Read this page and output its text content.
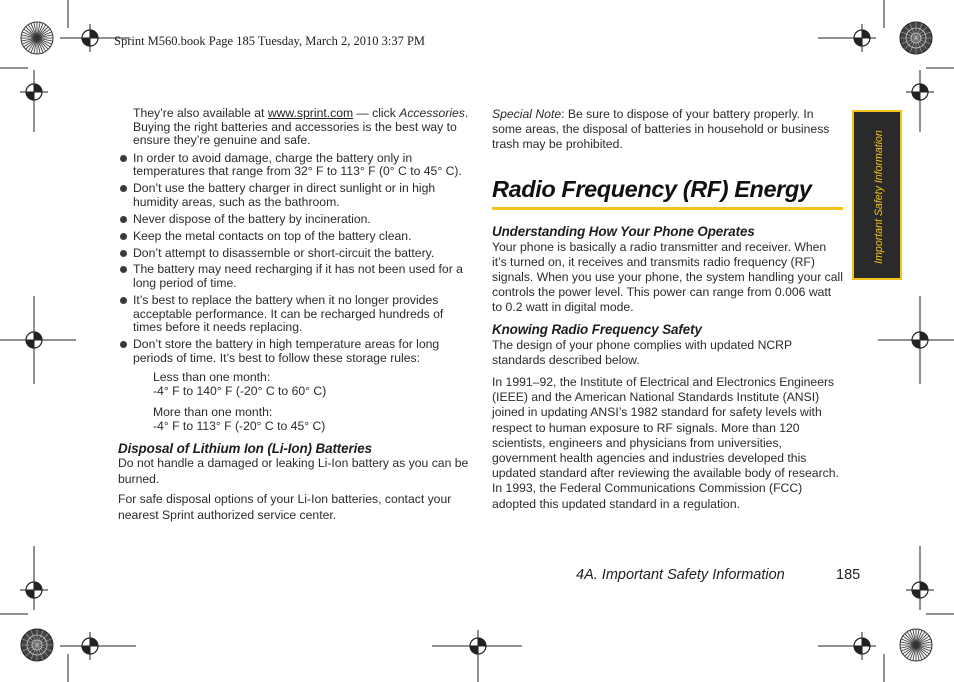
Sprint M560.book Page 185 Tuesday, March 2, 2010 3:37 PM

They’re also available at www.sprint.com — click Accessories. Buying the right batteries and accessories is the best way to ensure they’re genuine and safe.

In order to avoid damage, charge the battery only in temperatures that range from 32° F to 113° F (0° C to 45° C).
Don’t use the battery charger in direct sunlight or in high humidity areas, such as the bathroom.
Never dispose of the battery by incineration.
Keep the metal contacts on top of the battery clean.
Don’t attempt to disassemble or short-circuit the battery.
The battery may need recharging if it has not been used for a long period of time.
It’s best to replace the battery when it no longer provides acceptable performance. It can be recharged hundreds of times before it needs replacing.
Don’t store the battery in high temperature areas for long periods of time. It’s best to follow these storage rules:

Less than one month:

-4° F to 140° F (-20° C to 60° C)

More than one month:

-4° F to 113° F (-20° C to 45° C)

Disposal of Lithium Ion (Li-Ion) Batteries

Do not handle a damaged or leaking Li-Ion battery as you can be burned.

For safe disposal options of your Li-Ion batteries, contact your nearest Sprint authorized service center.

Special Note: Be sure to dispose of your battery properly. In some areas, the disposal of batteries in household or business trash may be prohibited.

Radio Frequency (RF) Energy
Understanding How Your Phone Operates

Your phone is basically a radio transmitter and receiver. When it’s turned on, it receives and transmits radio frequency (RF) signals. When you use your phone, the system handling your call controls the power level. This power can range from 0.006 watt to 0.2 watt in digital mode.

Knowing Radio Frequency Safety

The design of your phone complies with updated NCRP standards described below.

In 1991–92, the Institute of Electrical and Electronics Engineers (IEEE) and the American National Standards Institute (ANSI) joined in updating ANSI’s 1982 standard for safety levels with respect to human exposure to RF signals. More than 120 scientists, engineers and physicians from universities, government health agencies and industries developed this updated standard after reviewing the available body of research. In 1993, the Federal Communications Commission (FCC) adopted this updated standard in a regulation.

Important Safety Information
4A. Important Safety Information	185
